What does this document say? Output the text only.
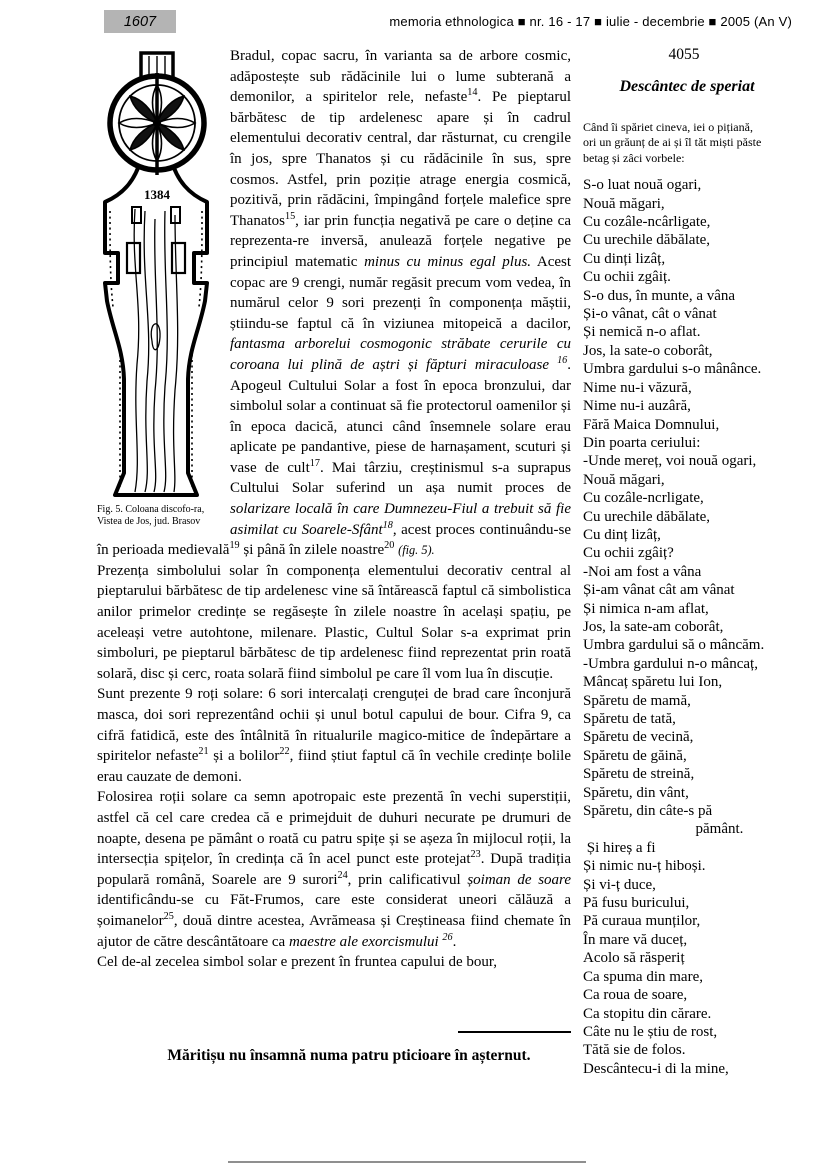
1607	memoria ethnologica ■ nr. 16 - 17 ■ iulie - decembrie ■ 2005 (An V)
1384
Fig. 5. Coloana discofo-ra,
Vistea de Jos, jud. Brasov

Bradul, copac sacru, în varianta sa de arbore cosmic, adăpostește sub rădăcinile lui o lume subterană a demonilor, a spiritelor rele, nefaste$^{14}$. Pe pieptarul bărbătesc de tip ardelenesc apare și în cadrul elementului decorativ central, dar răsturnat, cu crengile în jos, spre Thanatos și cu rădăcinile în sus, spre cosmos. Astfel, prin poziție atrage energia cosmică, pozitivă, prin rădăcini, împingând forțele malefice spre Thanatos$^{15}$, iar prin funcția negativă pe care o deține ca reprezenta-re inversă, anulează forțele negative pe principiul matematic minus cu minus egal plus. Acest copac are 9 crengi, număr regăsit precum vom vedea, în numărul celor 9 sori prezenți în componența măștii, știindu-se faptul că în viziunea mitopeică a dacilor, fantasma arborelui cosmogonic străbate cerurile cu coroana lui plină de aștri și făpturi miraculoase $^{16}$. Apogeul Cultului Solar a fost în epoca bronzului, dar simbolul solar a continuat să fie protectorul oamenilor și în epoca dacică, atunci când însemnele solare erau aplicate pe pandantive, piese de harnașament, scuturi și vase de cult$^{17}$. Mai târziu, creștinismul s-a suprapus Cultului Solar suferind un așa numit proces de solarizare locală în care Dumnezeu-Fiul a trebuit să fie asimilat cu Soarele-Sfânt$^{18}$, acest proces continuându-se în perioada medievală$^{19}$ și până în zilele noastre$^{20}$ (fig. 5).

Prezența simbolului solar în componența elementului decorativ central al pieptarului bărbătesc de tip ardelenesc vine să întărească faptul că simbolistica anilor primelor credințe se regăsește în zilele noastre în același spațiu, pe aceleași vetre autohtone, milenare. Plastic, Cultul Solar s-a exprimat prin simboluri, pe pieptarul bărbătesc de tip ardelenesc fiind reprezentat prin roată solară, disc și cerc, roata solară fiind simbolul pe care îl vom lua în discuție.

Sunt prezente 9 roți solare: 6 sori intercalați crenguței de brad care înconjură masca, doi sori reprezentând ochii și unul botul capului de bour. Cifra 9, ca cifră fatidică, este des întâlnită în ritualurile magico-mitice de îndepărtare a spiritelor nefaste$^{21}$ și a bolilor$^{22}$, fiind știut faptul că în vechile credințe bolile erau cauzate de demoni.

Folosirea roții solare ca semn apotropaic este prezentă în vechi superstiții, astfel că cel care credea că e primejduit de duhuri necurate pe drumuri de noapte, desena pe pământ o roată cu patru spițe și se așeza în mijlocul roții, la intersecția spițelor, în credința că în acel punct este protejat$^{23}$. După tradiția populară română, Soarele are 9 surori$^{24}$, prin calificativul șoiman de soare identificându-se cu Făt-Frumos, care este considerat uneori călăuză a șoimanelor$^{25}$, două dintre acestea, Avrămeasa și Creștineasa fiind chemate în ajutor de către descântătoare ca maestre ale exorcismului $^{26}$.

Cel de-al zecelea simbol solar e prezent în fruntea capului de bour,

Măritișu nu însamnă numa patru pticioare în așternut.

4055
Descântec de speriat
Când îi spăriet cineva, iei o pițiană,
ori un grăunț de ai și îl tăt miști păste
betag și zâci vorbele:
S-o luat nouă ogari,
Nouă măgari,
Cu cozâle-ncârligate,
Cu urechile dăbălate,
Cu dinți lizâț,
Cu ochii zgâiț.
S-o dus, în munte, a vâna
Și-o vânat, cât o vânat
Și nemică n-o aflat.
Jos, la sate-o coborât,
Umbra gardului s-o mânânce.
Nime nu-i văzură,
Nime nu-i auzâră,
Fără Maica Domnului,
Din poarta ceriului:
-Unde mereț, voi nouă ogari,
Nouă măgari,
Cu cozâle-ncrligate,
Cu urechile dăbălate,
Cu dinț lizâț,
Cu ochii zgâiț?
-Noi am fost a vâna
Și-am vânat cât am vânat
Și nimica n-am aflat,
Jos, la sate-am coborât,
Umbra gardului să o mâncăm.
-Umbra gardului n-o mâncaț,
Mâncaț spăretu lui Ion,
Spăretu de mamă,
Spăretu de tată,
Spăretu de vecină,
Spăretu de găină,
Spăretu de streină,
Spăretu, din vânt,
Spăretu, din câte-s pă
pământ.
Și hireș a fi
Și nimic nu-ț hiboși.
Și vi-ț duce,
Pă fusu buricului,
Pă curaua munților,
În mare vă duceț,
Acolo să răsperiț
Ca spuma din mare,
Ca roua de soare,
Ca stopitu din cărare.
Câte nu le știu de rost,
Tătă sie de folos.
Descântecu-i di la mine,
